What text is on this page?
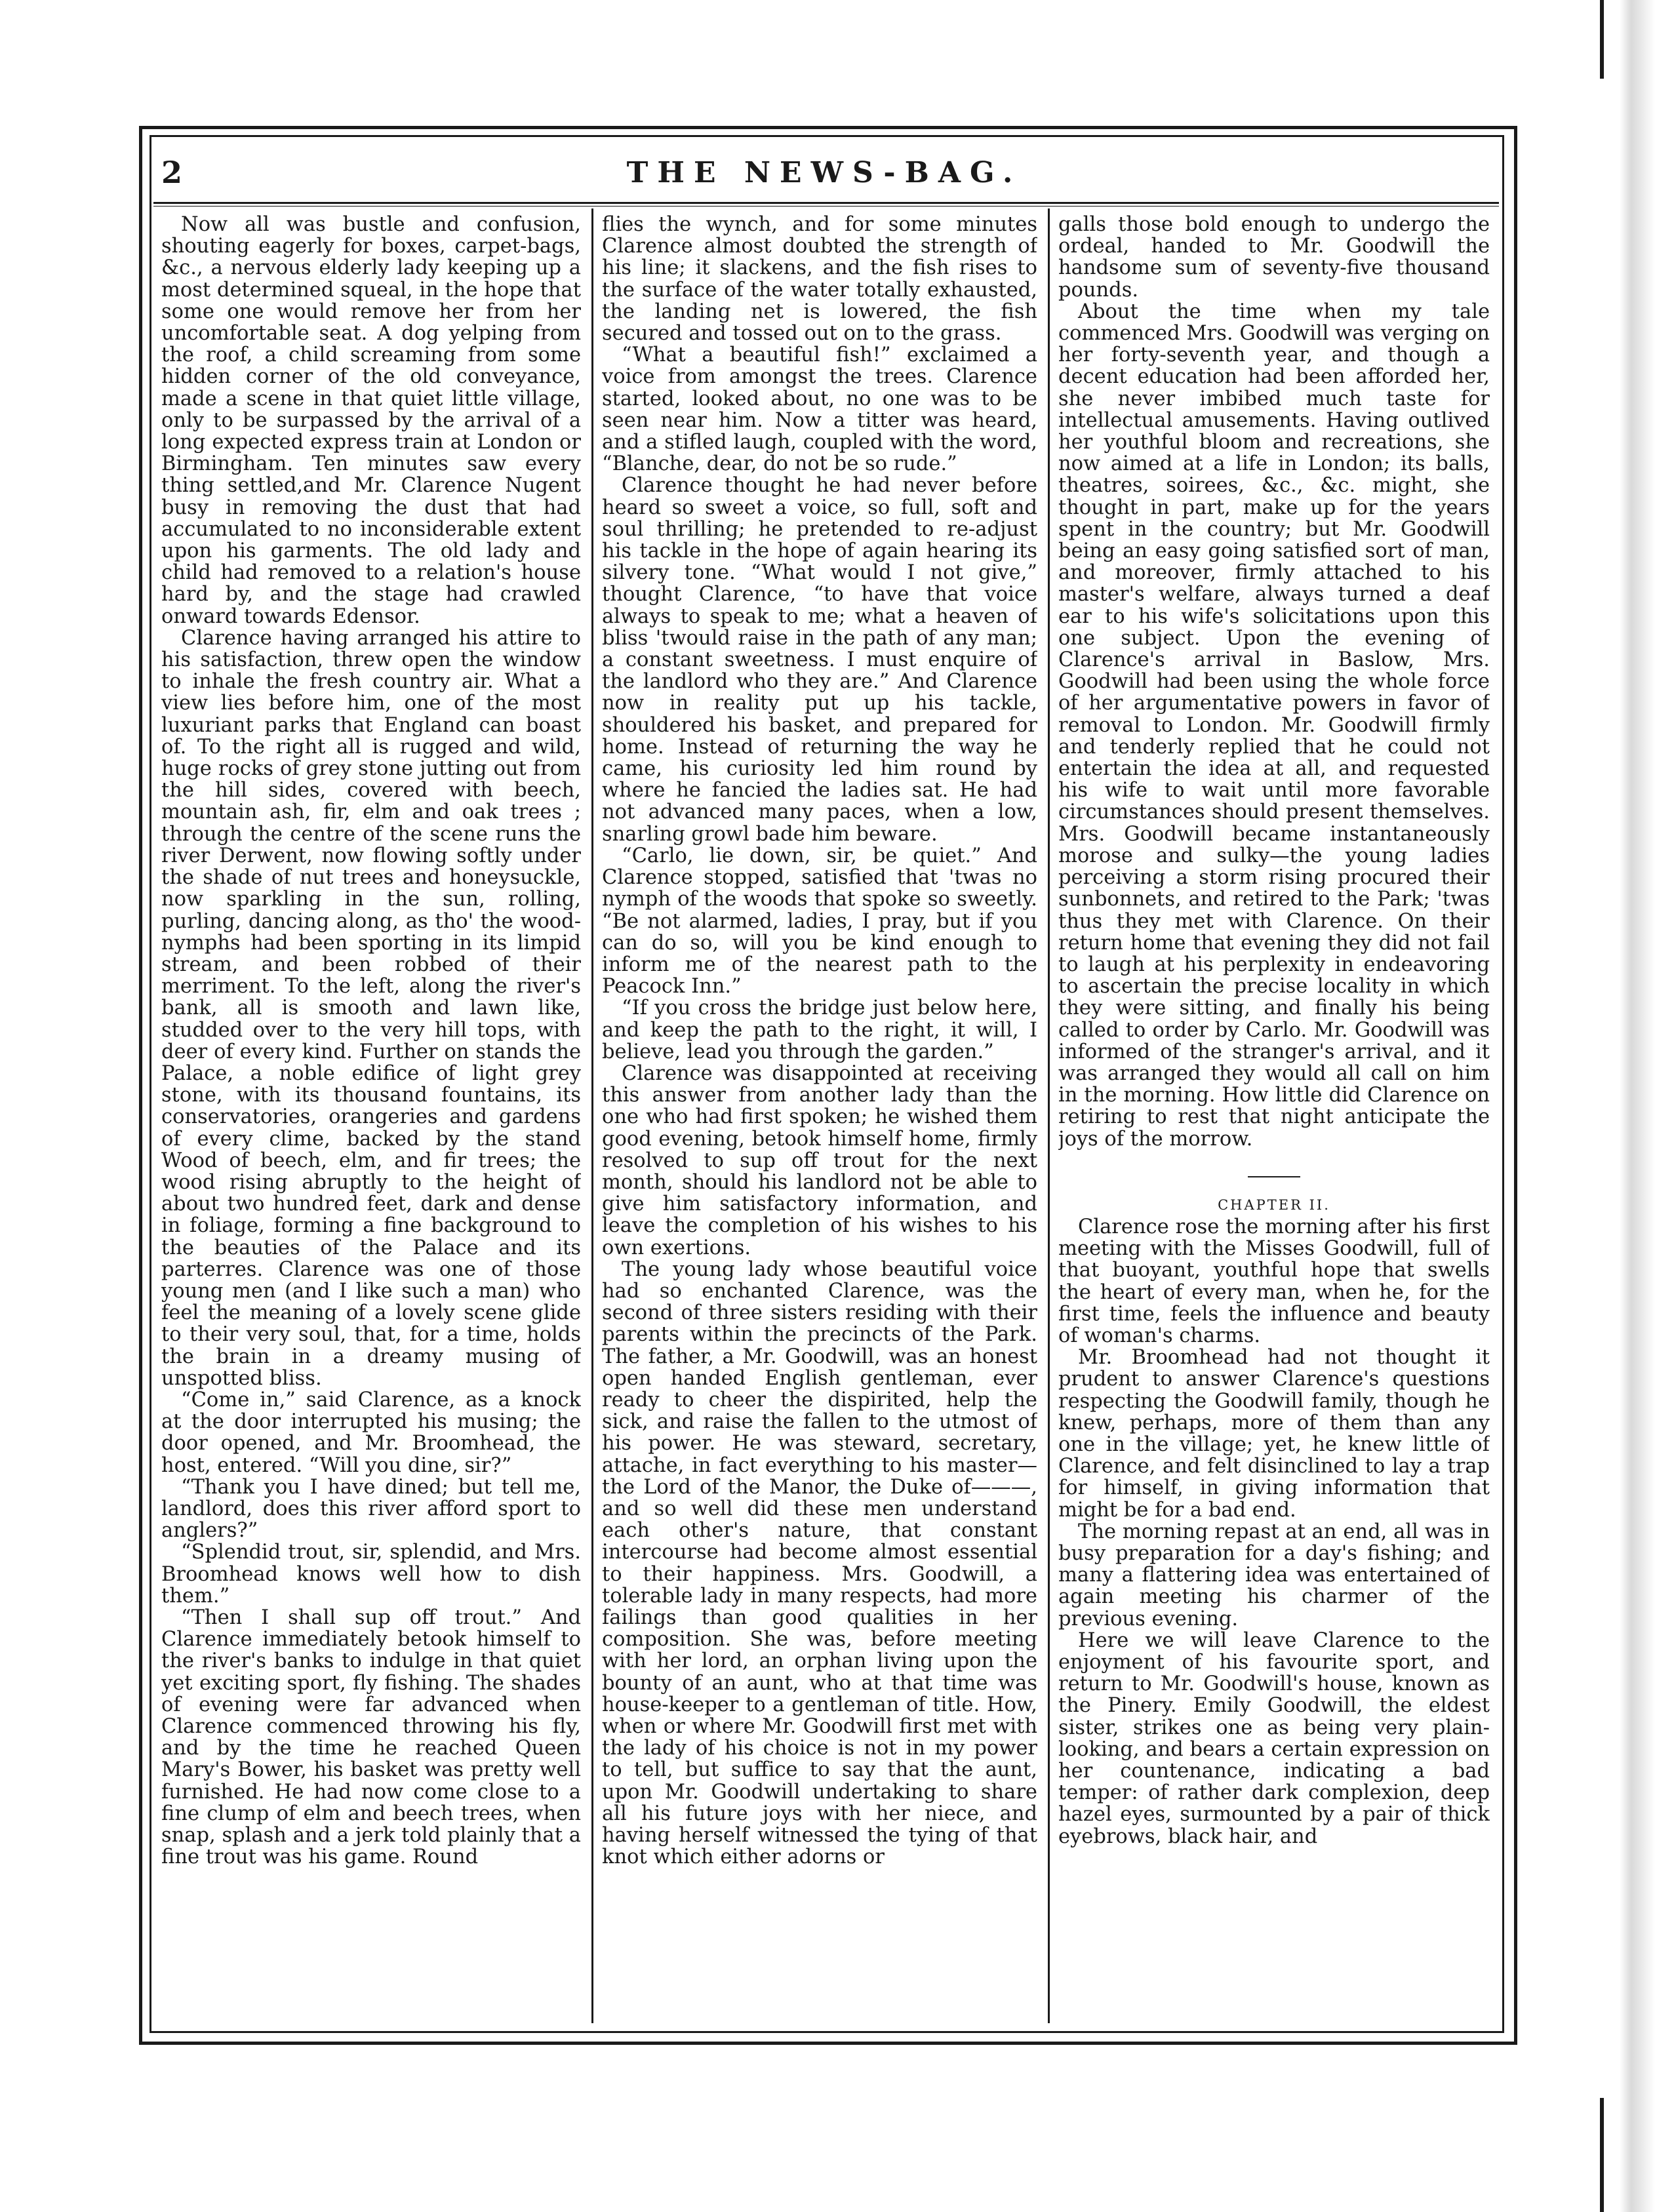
2	THE NEWS-BAG.

Now all was bustle and confusion, shouting eagerly for boxes, carpet-bags, &c., a nervous elderly lady keeping up a most determined squeal, in the hope that some one would remove her from her uncomfortable seat. A dog yelping from the roof, a child screaming from some hidden corner of the old conveyance, made a scene in that quiet little village, only to be surpassed by the arrival of a long expected express train at London or Birmingham. Ten minutes saw every thing settled,and Mr. Clarence Nugent busy in removing the dust that had accumulated to no inconsiderable extent upon his garments. The old lady and child had removed to a relation's house hard by, and the stage had crawled onward towards Edensor.

Clarence having arranged his attire to his satisfaction, threw open the window to inhale the fresh country air. What a view lies before him, one of the most luxuriant parks that England can boast of. To the right all is rugged and wild, huge rocks of grey stone jutting out from the hill sides, covered with beech, mountain ash, fir, elm and oak trees ; through the centre of the scene runs the river Derwent, now flowing softly under the shade of nut trees and honeysuckle, now sparkling in the sun, rolling, purling, dancing along, as tho' the wood-nymphs had been sporting in its limpid stream, and been robbed of their merriment. To the left, along the river's bank, all is smooth and lawn like, studded over to the very hill tops, with deer of every kind. Further on stands the Palace, a noble edifice of light grey stone, with its thousand fountains, its conservatories, orangeries and gardens of every clime, backed by the stand Wood of beech, elm, and fir trees; the wood rising abruptly to the height of about two hundred feet, dark and dense in foliage, forming a fine background to the beauties of the Palace and its parterres. Clarence was one of those young men (and I like such a man) who feel the meaning of a lovely scene glide to their very soul, that, for a time, holds the brain in a dreamy musing of unspotted bliss.

“Come in,” said Clarence, as a knock at the door interrupted his musing; the door opened, and Mr. Broomhead, the host, entered. “Will you dine, sir?”

“Thank you I have dined; but tell me, landlord, does this river afford sport to anglers?”

“Splendid trout, sir, splendid, and Mrs. Broomhead knows well how to dish them.”

“Then I shall sup off trout.” And Clarence immediately betook himself to the river's banks to indulge in that quiet yet exciting sport, fly fishing. The shades of evening were far advanced when Clarence commenced throwing his fly, and by the time he reached Queen Mary's Bower, his basket was pretty well furnished. He had now come close to a fine clump of elm and beech trees, when snap, splash and a jerk told plainly that a fine trout was his game. Round

flies the wynch, and for some minutes Clarence almost doubted the strength of his line; it slackens, and the fish rises to the surface of the water totally exhausted, the landing net is lowered, the fish secured and tossed out on to the grass.

“What a beautiful fish!” exclaimed a voice from amongst the trees. Clarence started, looked about, no one was to be seen near him. Now a titter was heard, and a stifled laugh, coupled with the word, “Blanche, dear, do not be so rude.”

Clarence thought he had never before heard so sweet a voice, so full, soft and soul thrilling; he pretended to re-adjust his tackle in the hope of again hearing its silvery tone. “What would I not give,” thought Clarence, “to have that voice always to speak to me; what a heaven of bliss 'twould raise in the path of any man; a constant sweetness. I must enquire of the landlord who they are.” And Clarence now in reality put up his tackle, shouldered his basket, and prepared for home. Instead of returning the way he came, his curiosity led him round by where he fancied the ladies sat. He had not advanced many paces, when a low, snarling growl bade him beware.

“Carlo, lie down, sir, be quiet.” And Clarence stopped, satisfied that 'twas no nymph of the woods that spoke so sweetly. “Be not alarmed, ladies, I pray, but if you can do so, will you be kind enough to inform me of the nearest path to the Peacock Inn.”

“If you cross the bridge just below here, and keep the path to the right, it will, I believe, lead you through the garden.”

Clarence was disappointed at receiving this answer from another lady than the one who had first spoken; he wished them good evening, betook himself home, firmly resolved to sup off trout for the next month, should his landlord not be able to give him satisfactory information, and leave the completion of his wishes to his own exertions.

The young lady whose beautiful voice had so enchanted Clarence, was the second of three sisters residing with their parents within the precincts of the Park. The father, a Mr. Goodwill, was an honest open handed English gentleman, ever ready to cheer the dispirited, help the sick, and raise the fallen to the utmost of his power. He was steward, secretary, attache, in fact everything to his master—the Lord of the Manor, the Duke of———, and so well did these men understand each other's nature, that constant intercourse had become almost essential to their happiness. Mrs. Goodwill, a tolerable lady in many respects, had more failings than good qualities in her composition. She was, before meeting with her lord, an orphan living upon the bounty of an aunt, who at that time was house-keeper to a gentleman of title. How, when or where Mr. Goodwill first met with the lady of his choice is not in my power to tell, but suffice to say that the aunt, upon Mr. Goodwill undertaking to share all his future joys with her niece, and having herself witnessed the tying of that knot which either adorns or

galls those bold enough to undergo the ordeal, handed to Mr. Goodwill the handsome sum of seventy-five thousand pounds.

About the time when my tale commenced Mrs. Goodwill was verging on her forty-seventh year, and though a decent education had been afforded her, she never imbibed much taste for intellectual amusements. Having outlived her youthful bloom and recreations, she now aimed at a life in London; its balls, theatres, soirees, &c., &c. might, she thought in part, make up for the years spent in the country; but Mr. Goodwill being an easy going satisfied sort of man, and moreover, firmly attached to his master's welfare, always turned a deaf ear to his wife's solicitations upon this one subject. Upon the evening of Clarence's arrival in Baslow, Mrs. Goodwill had been using the whole force of her argumentative powers in favor of removal to London. Mr. Goodwill firmly and tenderly replied that he could not entertain the idea at all, and requested his wife to wait until more favorable circumstances should present themselves. Mrs. Goodwill became instantaneously morose and sulky—the young ladies perceiving a storm rising procured their sunbonnets, and retired to the Park; 'twas thus they met with Clarence. On their return home that evening they did not fail to laugh at his perplexity in endeavoring to ascertain the precise locality in which they were sitting, and finally his being called to order by Carlo. Mr. Goodwill was informed of the stranger's arrival, and it was arranged they would all call on him in the morning. How little did Clarence on retiring to rest that night anticipate the joys of the morrow.

CHAPTER II.

Clarence rose the morning after his first meeting with the Misses Goodwill, full of that buoyant, youthful hope that swells the heart of every man, when he, for the first time, feels the influence and beauty of woman's charms.

Mr. Broomhead had not thought it prudent to answer Clarence's questions respecting the Goodwill family, though he knew, perhaps, more of them than any one in the village; yet, he knew little of Clarence, and felt disinclined to lay a trap for himself, in giving information that might be for a bad end.

The morning repast at an end, all was in busy preparation for a day's fishing; and many a flattering idea was entertained of again meeting his charmer of the previous evening.

Here we will leave Clarence to the enjoyment of his favourite sport, and return to Mr. Goodwill's house, known as the Pinery. Emily Goodwill, the eldest sister, strikes one as being very plain-looking, and bears a certain expression on her countenance, indicating a bad temper: of rather dark complexion, deep hazel eyes, surmounted by a pair of thick eyebrows, black hair, and
